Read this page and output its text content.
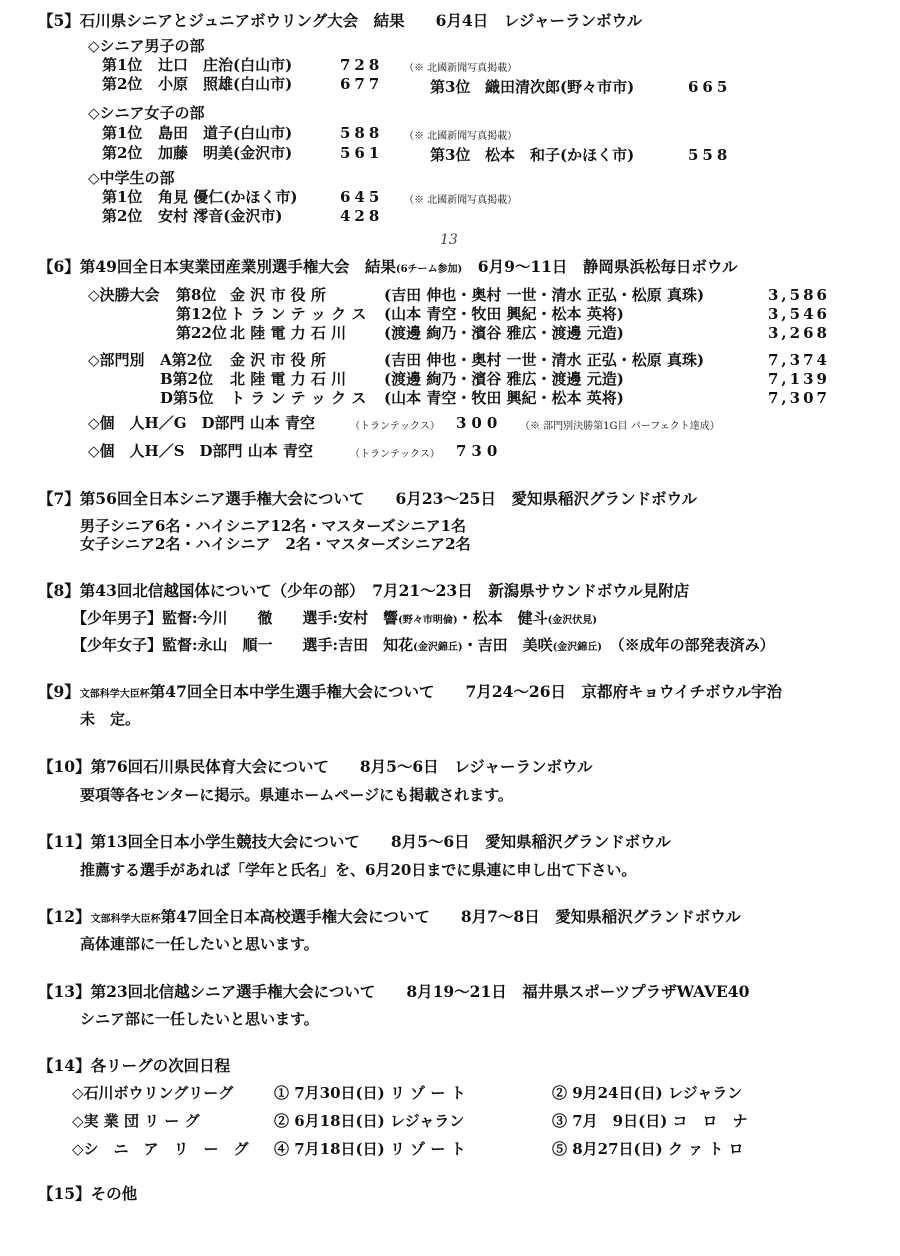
【5】石川県シニアとジュニアボウリング大会　結果　　6月4日　レジャーランボウル
◇シニア男子の部
第1位 辻口　庄治(白山市)	728 （※ 北國新聞写真掲載）
第2位 小原　照雄(白山市)	677	第3位 織田清次郎(野々市市)	665
◇シニア女子の部
第1位 島田　道子(白山市)	588 （※ 北國新聞写真掲載）
第2位 加藤　明美(金沢市)	561	第3位 松本　和子(かほく市)	558
◇中学生の部
第1位 角見 優仁(かほく市)	645 （※ 北國新聞写真掲載）
第2位 安村 澪音(金沢市)	428
13
【6】第49回全日本実業団産業別選手権大会　結果(6チーム参加)　 6月9～11日　静岡県浜松毎日ボウル
◇決勝大会 第8位 金 沢 市 役 所	(吉田 伸也・奥村 一世・清水 正弘・松原 真珠)	3,586
第12位 ト ラ ン テ ッ ク ス (山本 青空・牧田 興紀・松本 英将)	3,546
第22位 北 陸 電 力 石 川	(渡邊 絢乃・濱谷 雅広・渡邊 元造)	3,268
◇部門別 A第2位 金 沢 市 役 所	(吉田 伸也・奥村 一世・清水 正弘・松原 真珠)	7,374
B第2位 北 陸 電 力 石 川	(渡邊 絢乃・濱谷 雅広・渡邊 元造)	7,139
D第5位 ト ラ ン テ ッ ク ス (山本 青空・牧田 興紀・松本 英将)	7,307
◇個　人H／G　D部門 山本 青空	（トランテックス） 300 （※ 部門別決勝第1G目 パーフェクト達成）
◇個　人H／S　D部門 山本 青空	（トランテックス） 730
【7】第56回全日本シニア選手権大会について　　6月23～25日　愛知県稲沢グランドボウル
男子シニア6名・ハイシニア12名・マスターズシニア1名
女子シニア2名・ハイシニア　2名・マスターズシニア2名
【8】第43回北信越国体について（少年の部）　7月21～23日　新潟県サウンドボウル見附店
【少年男子】監督:今川　　徹　　選手:安村　響(野々市明倫)・松本　健斗(金沢伏見)
【少年女子】監督:永山　順一　　選手:吉田　知花(金沢錦丘)・吉田　美咲(金沢錦丘)　 （※成年の部発表済み）
【9】文部科学大臣杯第47回全日本中学生選手権大会について　　7月24～26日　京都府キョウイチボウル宇治
未　定。
【10】第76回石川県民体育大会について　　8月5～6日　レジャーランボウル
要項等各センターに掲示。県連ホームページにも掲載されます。
【11】第13回全日本小学生競技大会について　　8月5～6日　愛知県稲沢グランドボウル
推薦する選手があれば「学年と氏名」を、6月20日までに県連に申し出て下さい。
【12】文部科学大臣杯第47回全日本高校選手権大会について　　8月7～8日　愛知県稲沢グランドボウル
高体連部に一任したいと思います。
【13】第23回北信越シニア選手権大会について　　8月19～21日　福井県スポーツプラザWAVE40
シニア部に一任したいと思います。
【14】各リーグの次回日程
◇石川ボウリングリーグ	① 7月30日(日) リ ゾ ー ト	② 9月24日(日) レジャラン
◇実 業 団 リ ー グ	② 6月18日(日) レジャラン	③ 7月　9日(日) コ　ロ　ナ
◇シ　ニ　ア　リ　ー　グ ④ 7月18日(日) リ ゾ ー ト	⑤ 8月27日(日) ク ァ ト ロ
【15】その他
